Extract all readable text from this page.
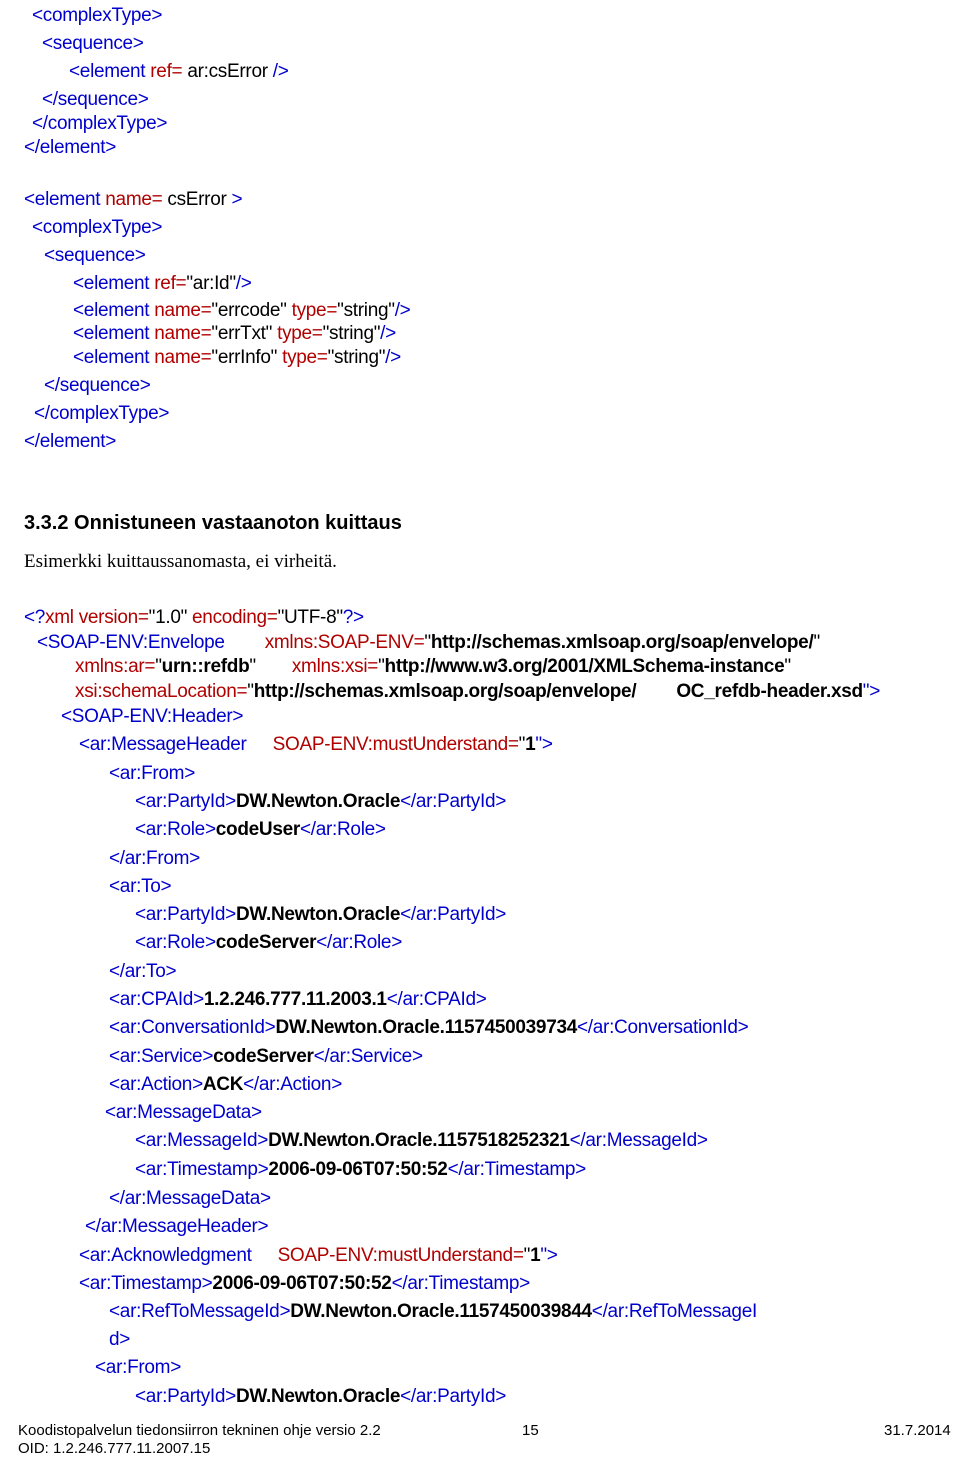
<complexType>
<sequence>
<element ref= ar:csError />
</sequence>
</complexType>
</element>
<element name= csError >
<complexType>
<sequence>
<element ref="ar:Id"/>
<element name="errcode" type="string"/>
<element name="errTxt" type="string"/>
<element name="errInfo" type="string"/>
</sequence>
</complexType>
</element>
3.3.2 Onnistuneen vastaanoton kuittaus
Esimerkki kuittaussanomasta, ei virheitä.
<?xml version="1.0" encoding="UTF-8"?>
<SOAP-ENV:Envelope xmlns:SOAP-ENV="http://schemas.xmlsoap.org/soap/envelope/"
xmlns:ar="urn::refdb" xmlns:xsi="http://www.w3.org/2001/XMLSchema-instance"
xsi:schemaLocation="http://schemas.xmlsoap.org/soap/envelope/ OC_refdb-header.xsd">
<SOAP-ENV:Header>
<ar:MessageHeader SOAP-ENV:mustUnderstand="1">
<ar:From>
<ar:PartyId>DW.Newton.Oracle</ar:PartyId>
<ar:Role>codeUser</ar:Role>
</ar:From>
<ar:To>
<ar:PartyId>DW.Newton.Oracle</ar:PartyId>
<ar:Role>codeServer</ar:Role>
</ar:To>
<ar:CPAId>1.2.246.777.11.2003.1</ar:CPAId>
<ar:ConversationId>DW.Newton.Oracle.1157450039734</ar:ConversationId>
<ar:Service>codeServer</ar:Service>
<ar:Action>ACK</ar:Action>
<ar:MessageData>
<ar:MessageId>DW.Newton.Oracle.1157518252321</ar:MessageId>
<ar:Timestamp>2006-09-06T07:50:52</ar:Timestamp>
</ar:MessageData>
</ar:MessageHeader>
<ar:Acknowledgment SOAP-ENV:mustUnderstand="1">
<ar:Timestamp>2006-09-06T07:50:52</ar:Timestamp>
<ar:RefToMessageId>DW.Newton.Oracle.1157450039844</ar:RefToMessageI
d>
<ar:From>
<ar:PartyId>DW.Newton.Oracle</ar:PartyId>
Koodistopalvelun tiedonsiirron tekninen ohje versio 2.2	15	31.7.2014
OID: 1.2.246.777.11.2007.15
